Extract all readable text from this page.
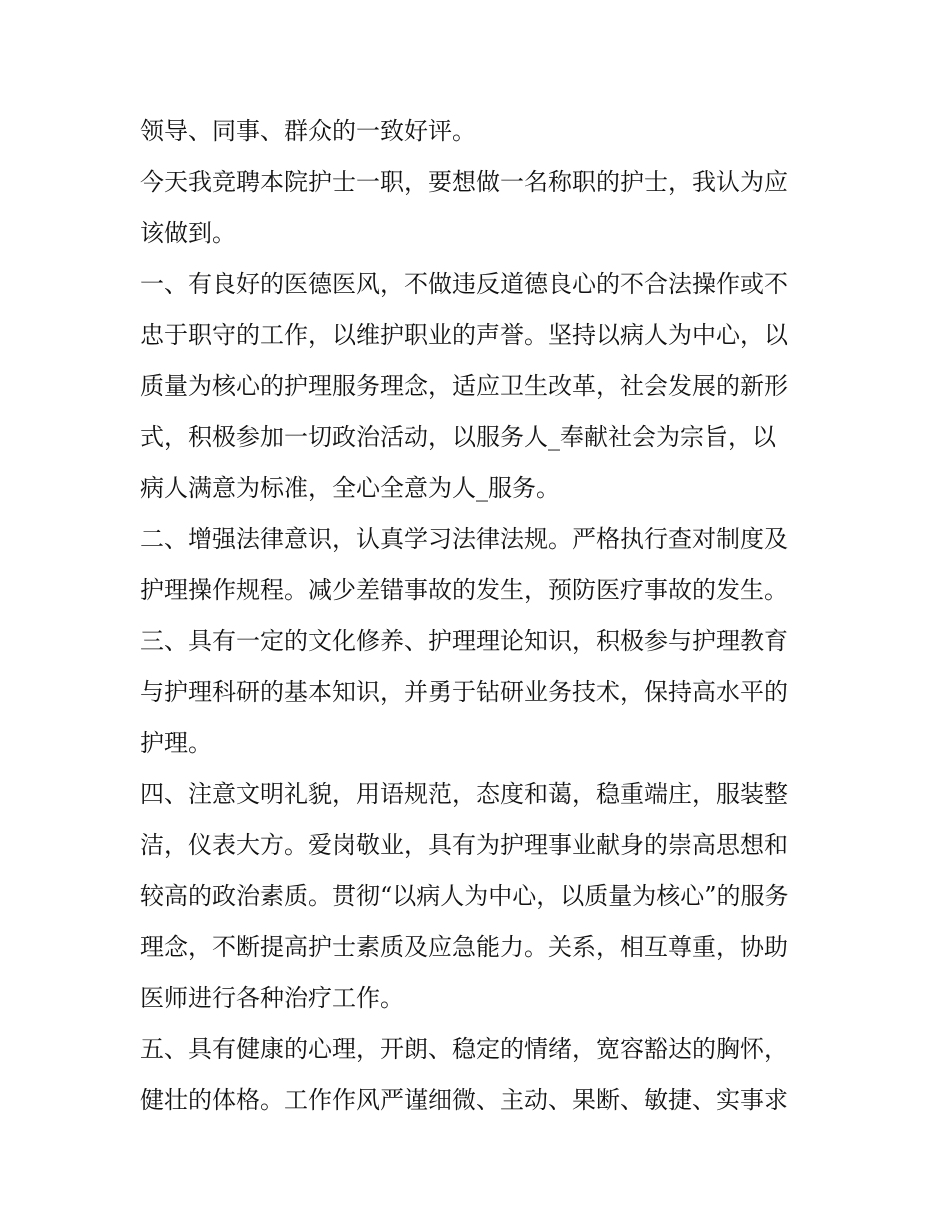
领导、同事、群众的一致好评。
今天我竞聘本院护士一职，要想做一名称职的护士，我认为应
该做到。
一、有良好的医德医风，不做违反道德良心的不合法操作或不
忠于职守的工作，以维护职业的声誉。坚持以病人为中心，以
质量为核心的护理服务理念，适应卫生改革，社会发展的新形
式，积极参加一切政治活动，以服务人_奉献社会为宗旨，以
病人满意为标准，全心全意为人_服务。
二、增强法律意识，认真学习法律法规。严格执行查对制度及
护理操作规程。减少差错事故的发生，预防医疗事故的发生。
三、具有一定的文化修养、护理理论知识，积极参与护理教育
与护理科研的基本知识，并勇于钻研业务技术，保持高水平的
护理。
四、注意文明礼貌，用语规范，态度和蔼，稳重端庄，服装整
洁，仪表大方。爱岗敬业，具有为护理事业献身的崇高思想和
较高的政治素质。贯彻“以病人为中心，以质量为核心”的服务
理念，不断提高护士素质及应急能力。关系，相互尊重，协助
医师进行各种治疗工作。
五、具有健康的心理，开朗、稳定的情绪，宽容豁达的胸怀，
健壮的体格。工作作风严谨细微、主动、果断、敏捷、实事求
